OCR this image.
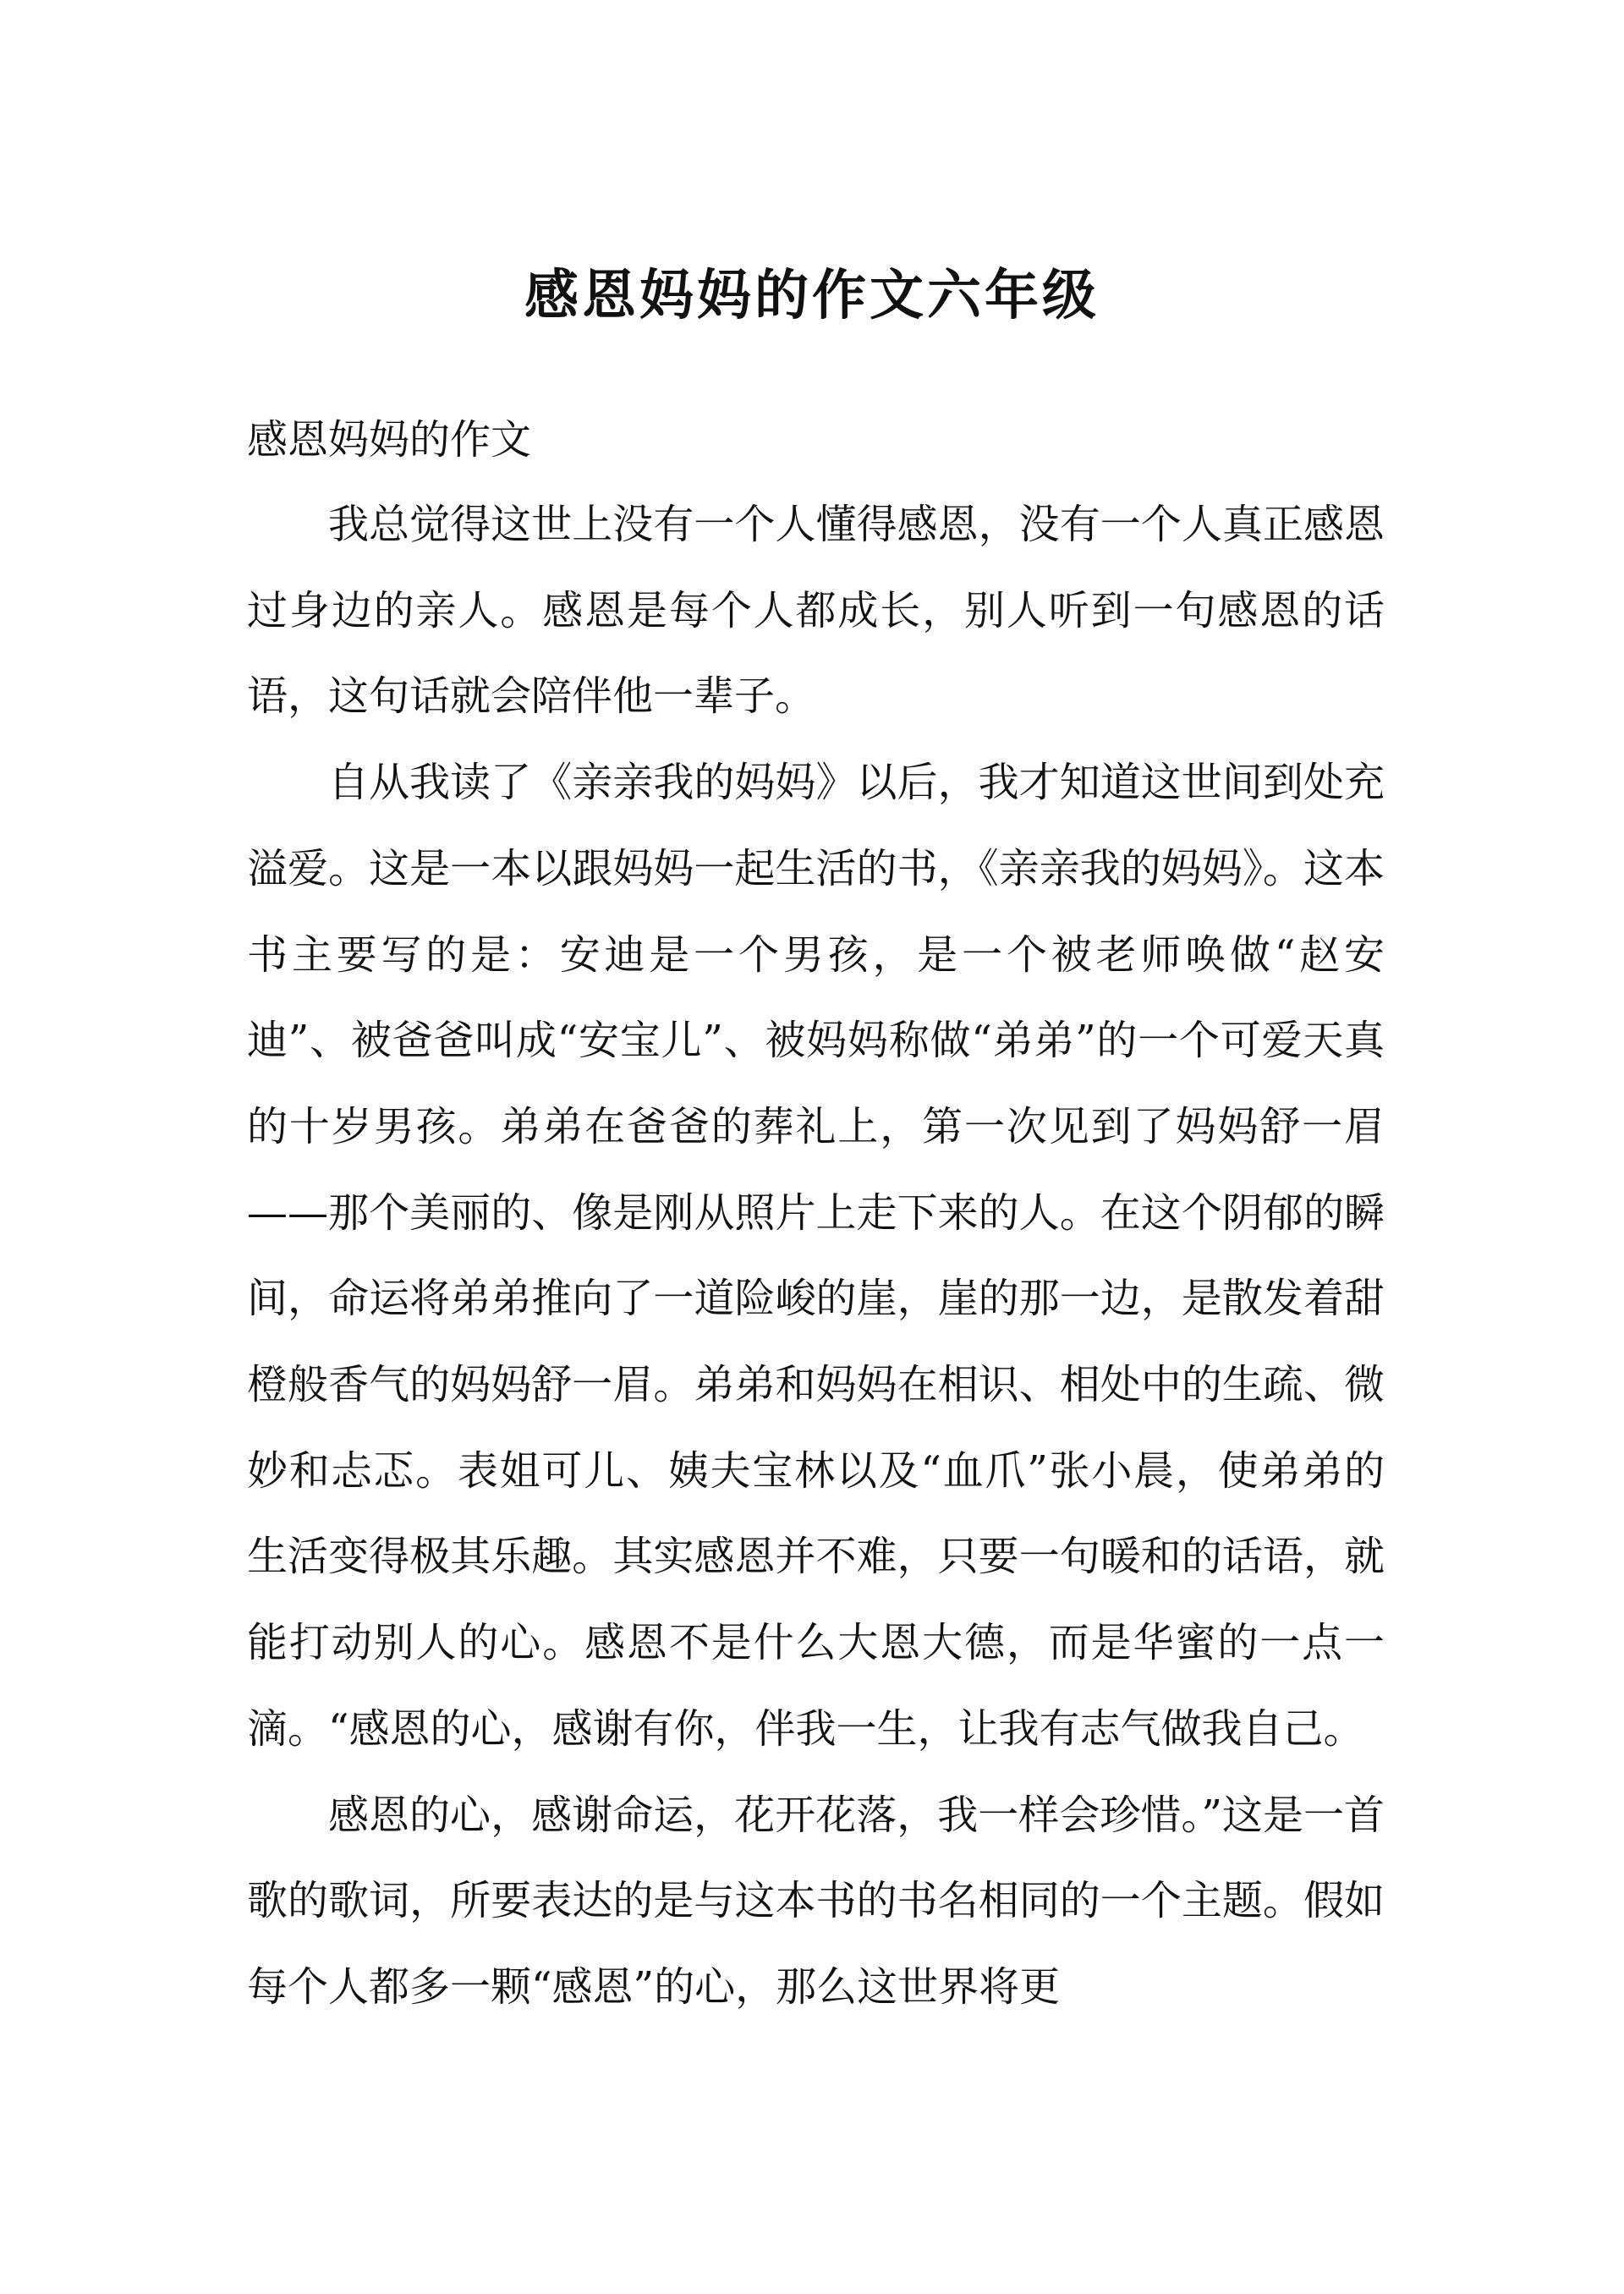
感恩妈妈的作文六年级

感恩妈妈的作文

我总觉得这世上没有一个人懂得感恩，没有一个人真正感恩过身边的亲人。感恩是每个人都成长，别人听到一句感恩的话语，这句话就会陪伴他一辈子。

自从我读了《亲亲我的妈妈》以后，我才知道这世间到处充溢爱。这是一本以跟妈妈一起生活的书，《亲亲我的妈妈》。这本书主要写的是：安迪是一个男孩，是一个被老师唤做“赵安迪”、被爸爸叫成“安宝儿”、被妈妈称做“弟弟”的一个可爱天真的十岁男孩。弟弟在爸爸的葬礼上，第一次见到了妈妈舒一眉——那个美丽的、像是刚从照片上走下来的人。在这个阴郁的瞬间，命运将弟弟推向了一道险峻的崖，崖的那一边，是散发着甜橙般香气的妈妈舒一眉。弟弟和妈妈在相识、相处中的生疏、微妙和忐忑。表姐可儿、姨夫宝林以及“血爪”张小晨，使弟弟的生活变得极其乐趣。其实感恩并不难，只要一句暖和的话语，就能打动别人的心。感恩不是什么大恩大德，而是华蜜的一点一滴。“感恩的心，感谢有你，伴我一生，让我有志气做我自己。

感恩的心，感谢命运，花开花落，我一样会珍惜。”这是一首歌的歌词，所要表达的是与这本书的书名相同的一个主题。假如每个人都多一颗“感恩”的心，那么这世界将更
